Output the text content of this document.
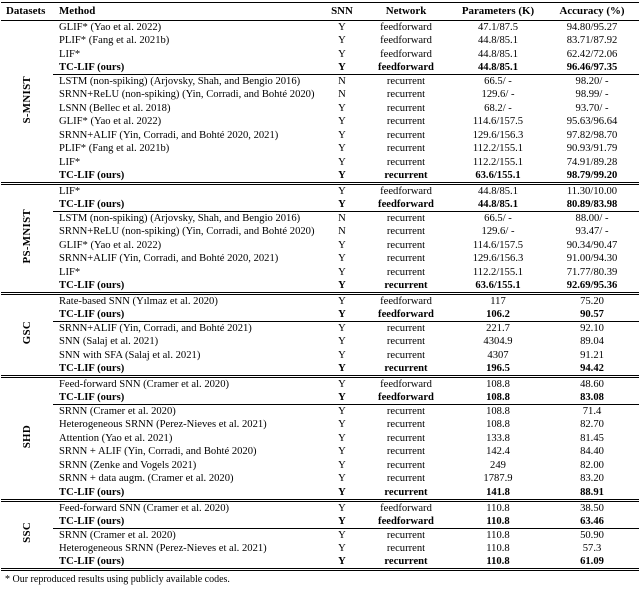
Datasets	Method	SNN	Network	Parameters (K)	Accuracy (%)
S-MNIST	GLIF* (Yao et al. 2022)	Y	feedforward	47.1/87.5	94.80/95.27
	PLIF* (Fang et al. 2021b)	Y	feedforward	44.8/85.1	83.71/87.92
	LIF*	Y	feedforward	44.8/85.1	62.42/72.06
	TC-LIF (ours)	Y	feedforward	44.8/85.1	96.46/97.35
	LSTM (non-spiking) (Arjovsky, Shah, and Bengio 2016)	N	recurrent	66.5/ -	98.20/ -
	SRNN+ReLU (non-spiking) (Yin, Corradi, and Bohté 2020)	N	recurrent	129.6/ -	98.99/ -
	LSNN (Bellec et al. 2018)	Y	recurrent	68.2/ -	93.70/ -
	GLIF* (Yao et al. 2022)	Y	recurrent	114.6/157.5	95.63/96.64
	SRNN+ALIF (Yin, Corradi, and Bohté 2020, 2021)	Y	recurrent	129.6/156.3	97.82/98.70
	PLIF* (Fang et al. 2021b)	Y	recurrent	112.2/155.1	90.93/91.79
	LIF*	Y	recurrent	112.2/155.1	74.91/89.28
	TC-LIF (ours)	Y	recurrent	63.6/155.1	98.79/99.20
PS-MNIST	LIF*	Y	feedforward	44.8/85.1	11.30/10.00
	TC-LIF (ours)	Y	feedforward	44.8/85.1	80.89/83.98
	LSTM (non-spiking) (Arjovsky, Shah, and Bengio 2016)	N	recurrent	66.5/ -	88.00/ -
	SRNN+ReLU (non-spiking) (Yin, Corradi, and Bohté 2020)	N	recurrent	129.6/ -	93.47/ -
	GLIF* (Yao et al. 2022)	Y	recurrent	114.6/157.5	90.34/90.47
	SRNN+ALIF (Yin, Corradi, and Bohté 2020, 2021)	Y	recurrent	129.6/156.3	91.00/94.30
	LIF*	Y	recurrent	112.2/155.1	71.77/80.39
	TC-LIF (ours)	Y	recurrent	63.6/155.1	92.69/95.36
GSC	Rate-based SNN (Yılmaz et al. 2020)	Y	feedforward	117	75.20
	TC-LIF (ours)	Y	feedforward	106.2	90.57
	SRNN+ALIF (Yin, Corradi, and Bohté 2021)	Y	recurrent	221.7	92.10
	SNN (Salaj et al. 2021)	Y	recurrent	4304.9	89.04
	SNN with SFA (Salaj et al. 2021)	Y	recurrent	4307	91.21
	TC-LIF (ours)	Y	recurrent	196.5	94.42
SHD	Feed-forward SNN (Cramer et al. 2020)	Y	feedforward	108.8	48.60
	TC-LIF (ours)	Y	feedforward	108.8	83.08
	SRNN (Cramer et al. 2020)	Y	recurrent	108.8	71.4
	Heterogeneous SRNN (Perez-Nieves et al. 2021)	Y	recurrent	108.8	82.70
	Attention (Yao et al. 2021)	Y	recurrent	133.8	81.45
	SRNN + ALIF (Yin, Corradi, and Bohté 2020)	Y	recurrent	142.4	84.40
	SRNN (Zenke and Vogels 2021)	Y	recurrent	249	82.00
	SRNN + data augm. (Cramer et al. 2020)	Y	recurrent	1787.9	83.20
	TC-LIF (ours)	Y	recurrent	141.8	88.91
SSC	Feed-forward SNN (Cramer et al. 2020)	Y	feedforward	110.8	38.50
	TC-LIF (ours)	Y	feedforward	110.8	63.46
	SRNN (Cramer et al. 2020)	Y	recurrent	110.8	50.90
	Heterogeneous SRNN (Perez-Nieves et al. 2021)	Y	recurrent	110.8	57.3
	TC-LIF (ours)	Y	recurrent	110.8	61.09
* Our reproduced results using publicly available codes.
